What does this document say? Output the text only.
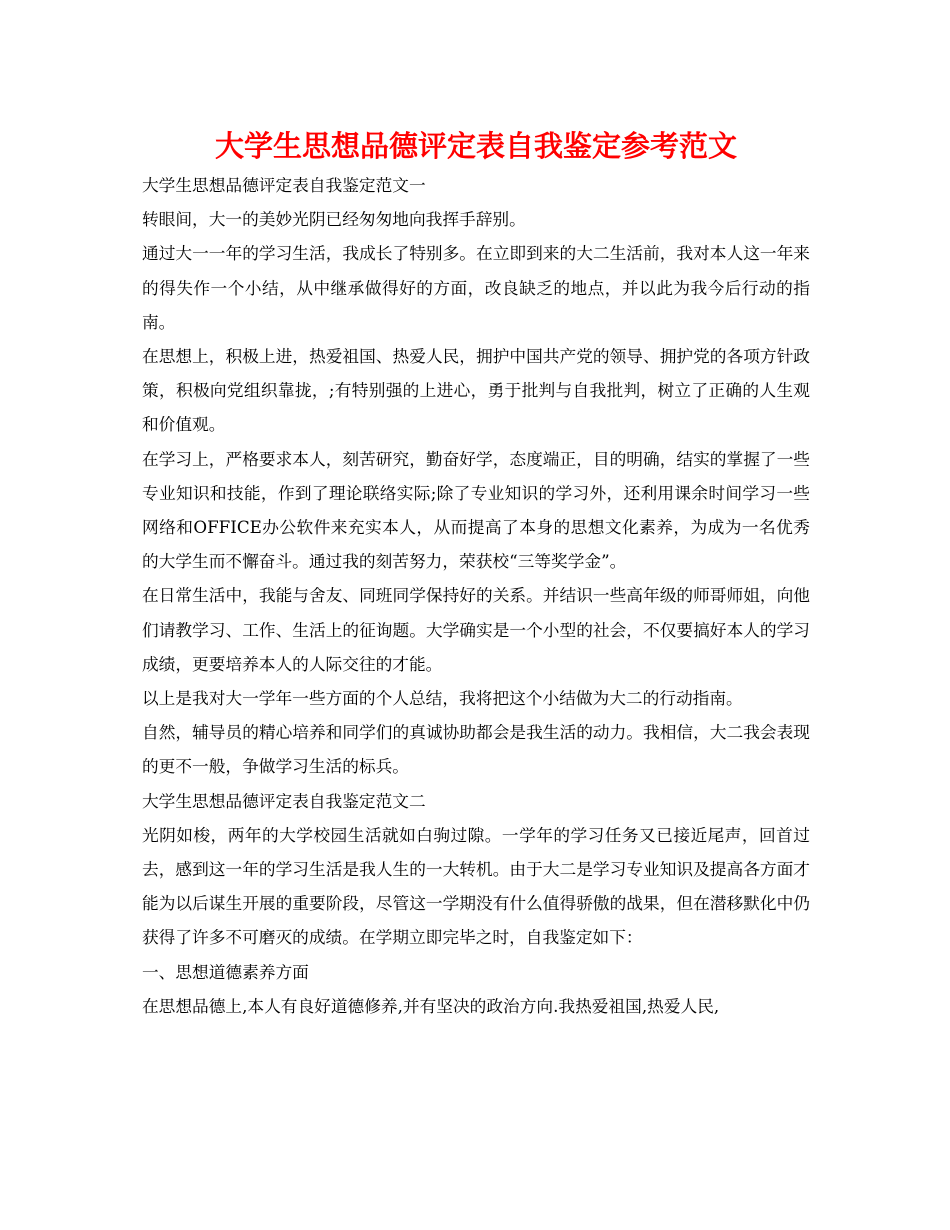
大学生思想品德评定表自我鉴定参考范文

大学生思想品德评定表自我鉴定范文一

转眼间，大一的美妙光阴已经匆匆地向我挥手辞别。

通过大一一年的学习生活，我成长了特别多。在立即到来的大二生活前，我对本人这一年来的得失作一个小结，从中继承做得好的方面，改良缺乏的地点，并以此为我今后行动的指南。

在思想上，积极上进，热爱祖国、热爱人民，拥护中国共产党的领导、拥护党的各项方针政策，积极向党组织靠拢，;有特别强的上进心，勇于批判与自我批判，树立了正确的人生观和价值观。

在学习上，严格要求本人，刻苦研究，勤奋好学，态度端正，目的明确，结实的掌握了一些专业知识和技能，作到了理论联络实际;除了专业知识的学习外，还利用课余时间学习一些网络和OFFICE办公软件来充实本人，从而提高了本身的思想文化素养，为成为一名优秀的大学生而不懈奋斗。通过我的刻苦努力，荣获校“三等奖学金”。

在日常生活中，我能与舍友、同班同学保持好的关系。并结识一些高年级的师哥师姐，向他们请教学习、工作、生活上的征询题。大学确实是一个小型的社会，不仅要搞好本人的学习成绩，更要培养本人的人际交往的才能。

以上是我对大一学年一些方面的个人总结，我将把这个小结做为大二的行动指南。

自然，辅导员的精心培养和同学们的真诚协助都会是我生活的动力。我相信，大二我会表现的更不一般，争做学习生活的标兵。

大学生思想品德评定表自我鉴定范文二

光阴如梭，两年的大学校园生活就如白驹过隙。一学年的学习任务又已接近尾声，回首过去，感到这一年的学习生活是我人生的一大转机。由于大二是学习专业知识及提高各方面才能为以后谋生开展的重要阶段，尽管这一学期没有什么值得骄傲的战果，但在潜移默化中仍获得了许多不可磨灭的成绩。在学期立即完毕之时，自我鉴定如下：

一、思想道德素养方面

在思想品德上,本人有良好道德修养,并有坚决的政治方向.我热爱祖国,热爱人民,
